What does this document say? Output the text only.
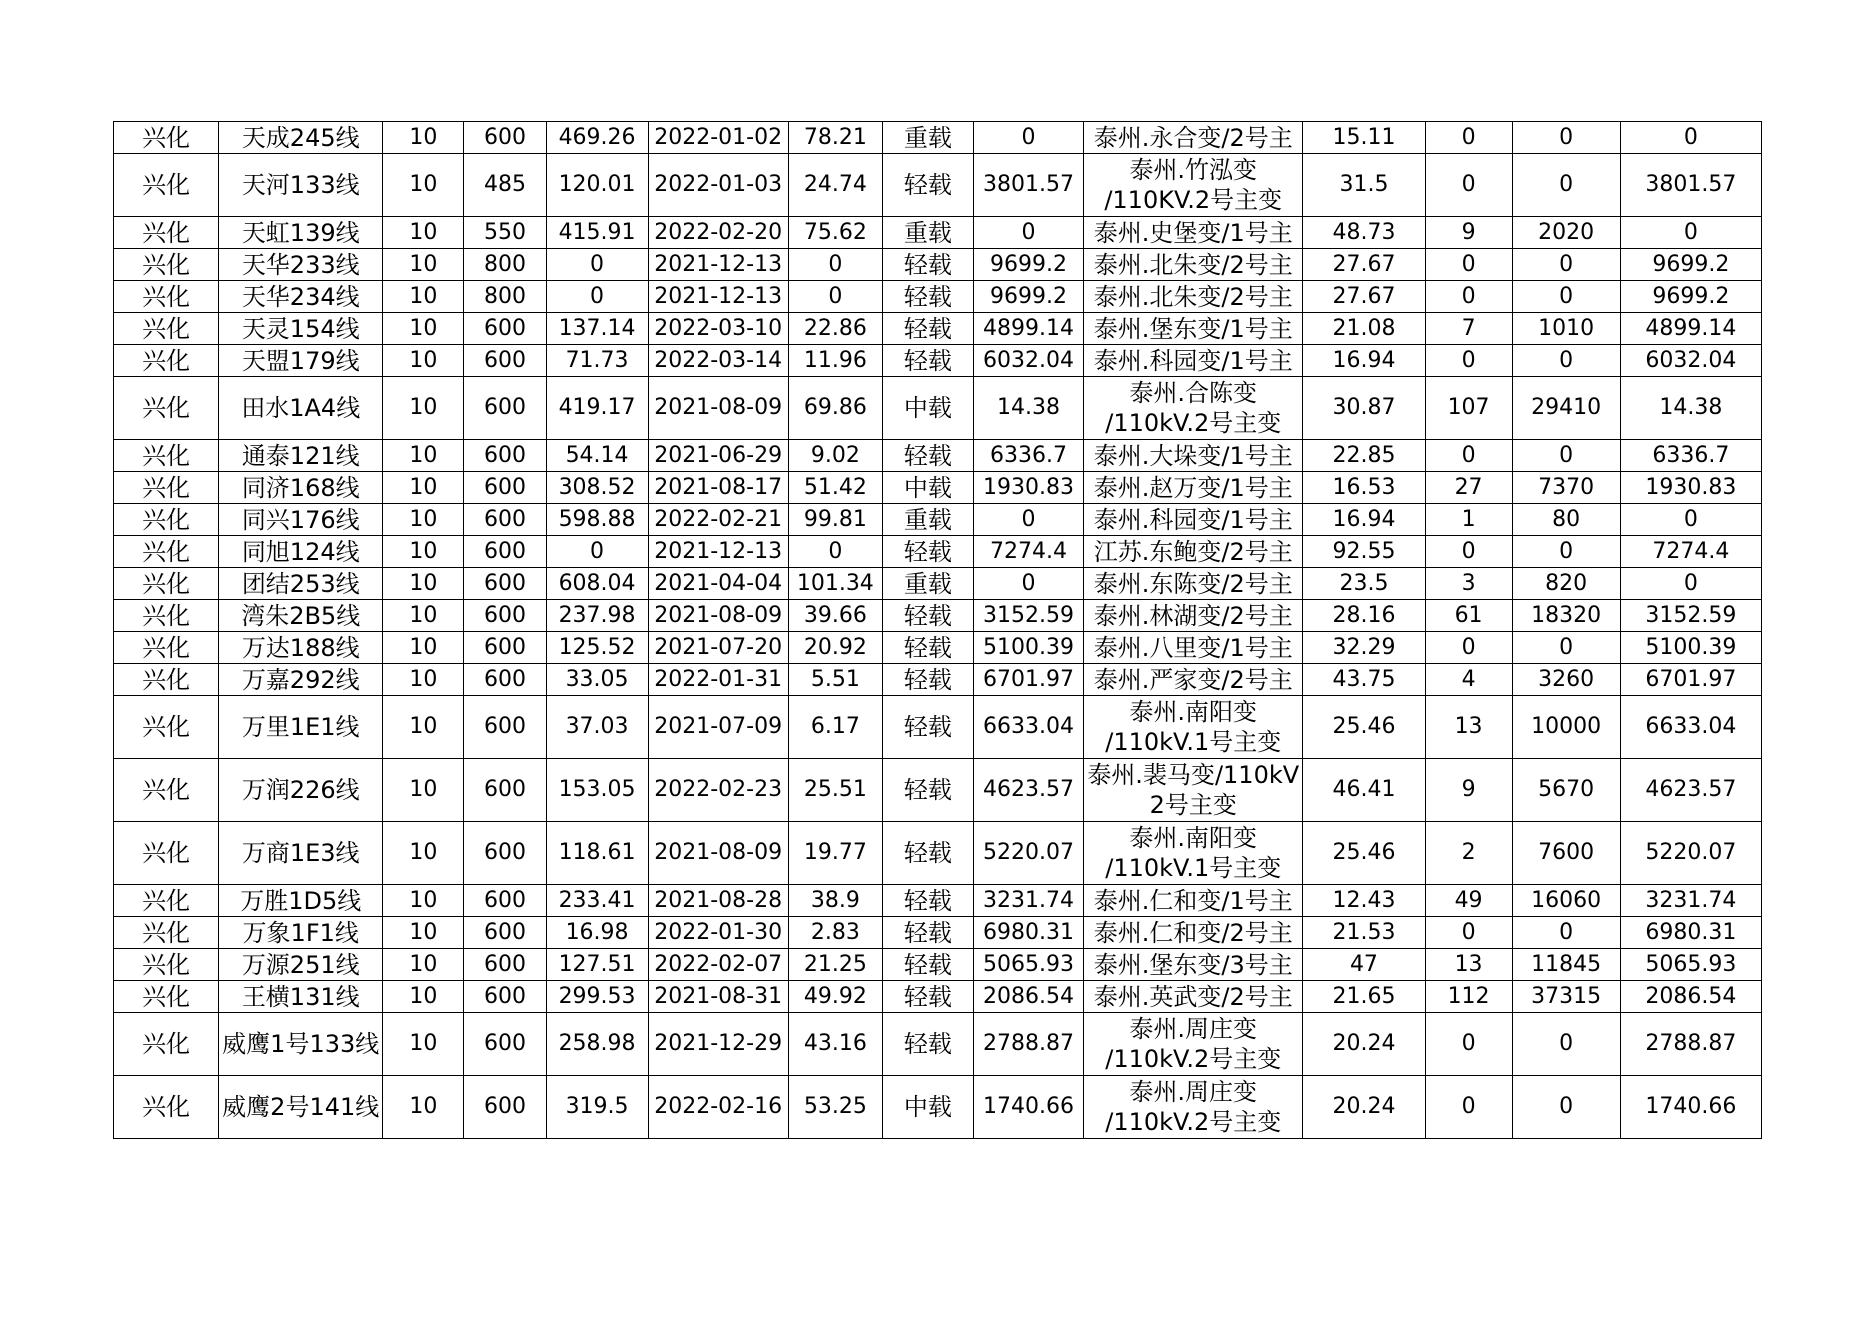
兴化	天成245线	10	600	469.26	2022-01-02	78.21	重载	0	泰州.永合变/2号主	15.11	0	0	0
兴化	天河133线	10	485	120.01	2022-01-03	24.74	轻载	3801.57	泰州.竹泓变 /110KV.2号主变	31.5	0	0	3801.57
兴化	天虹139线	10	550	415.91	2022-02-20	75.62	重载	0	泰州.史堡变/1号主	48.73	9	2020	0
兴化	天华233线	10	800	0	2021-12-13	0	轻载	9699.2	泰州.北朱变/2号主	27.67	0	0	9699.2
兴化	天华234线	10	800	0	2021-12-13	0	轻载	9699.2	泰州.北朱变/2号主	27.67	0	0	9699.2
兴化	天灵154线	10	600	137.14	2022-03-10	22.86	轻载	4899.14	泰州.堡东变/1号主	21.08	7	1010	4899.14
兴化	天盟179线	10	600	71.73	2022-03-14	11.96	轻载	6032.04	泰州.科园变/1号主	16.94	0	0	6032.04
兴化	田水1A4线	10	600	419.17	2021-08-09	69.86	中载	14.38	泰州.合陈变 /110kV.2号主变	30.87	107	29410	14.38
兴化	通泰121线	10	600	54.14	2021-06-29	9.02	轻载	6336.7	泰州.大垛变/1号主	22.85	0	0	6336.7
兴化	同济168线	10	600	308.52	2021-08-17	51.42	中载	1930.83	泰州.赵万变/1号主	16.53	27	7370	1930.83
兴化	同兴176线	10	600	598.88	2022-02-21	99.81	重载	0	泰州.科园变/1号主	16.94	1	80	0
兴化	同旭124线	10	600	0	2021-12-13	0	轻载	7274.4	江苏.东鲍变/2号主	92.55	0	0	7274.4
兴化	团结253线	10	600	608.04	2021-04-04	101.34	重载	0	泰州.东陈变/2号主	23.5	3	820	0
兴化	湾朱2B5线	10	600	237.98	2021-08-09	39.66	轻载	3152.59	泰州.林湖变/2号主	28.16	61	18320	3152.59
兴化	万达188线	10	600	125.52	2021-07-20	20.92	轻载	5100.39	泰州.八里变/1号主	32.29	0	0	5100.39
兴化	万嘉292线	10	600	33.05	2022-01-31	5.51	轻载	6701.97	泰州.严家变/2号主	43.75	4	3260	6701.97
兴化	万里1E1线	10	600	37.03	2021-07-09	6.17	轻载	6633.04	泰州.南阳变 /110kV.1号主变	25.46	13	10000	6633.04
兴化	万润226线	10	600	153.05	2022-02-23	25.51	轻载	4623.57	泰州.裴马变/110kV 2号主变	46.41	9	5670	4623.57
兴化	万商1E3线	10	600	118.61	2021-08-09	19.77	轻载	5220.07	泰州.南阳变 /110kV.1号主变	25.46	2	7600	5220.07
兴化	万胜1D5线	10	600	233.41	2021-08-28	38.9	轻载	3231.74	泰州.仁和变/1号主	12.43	49	16060	3231.74
兴化	万象1F1线	10	600	16.98	2022-01-30	2.83	轻载	6980.31	泰州.仁和变/2号主	21.53	0	0	6980.31
兴化	万源251线	10	600	127.51	2022-02-07	21.25	轻载	5065.93	泰州.堡东变/3号主	47	13	11845	5065.93
兴化	王横131线	10	600	299.53	2021-08-31	49.92	轻载	2086.54	泰州.英武变/2号主	21.65	112	37315	2086.54
兴化	威鹰1号133线	10	600	258.98	2021-12-29	43.16	轻载	2788.87	泰州.周庄变 /110kV.2号主变	20.24	0	0	2788.87
兴化	威鹰2号141线	10	600	319.5	2022-02-16	53.25	中载	1740.66	泰州.周庄变 /110kV.2号主变	20.24	0	0	1740.66
